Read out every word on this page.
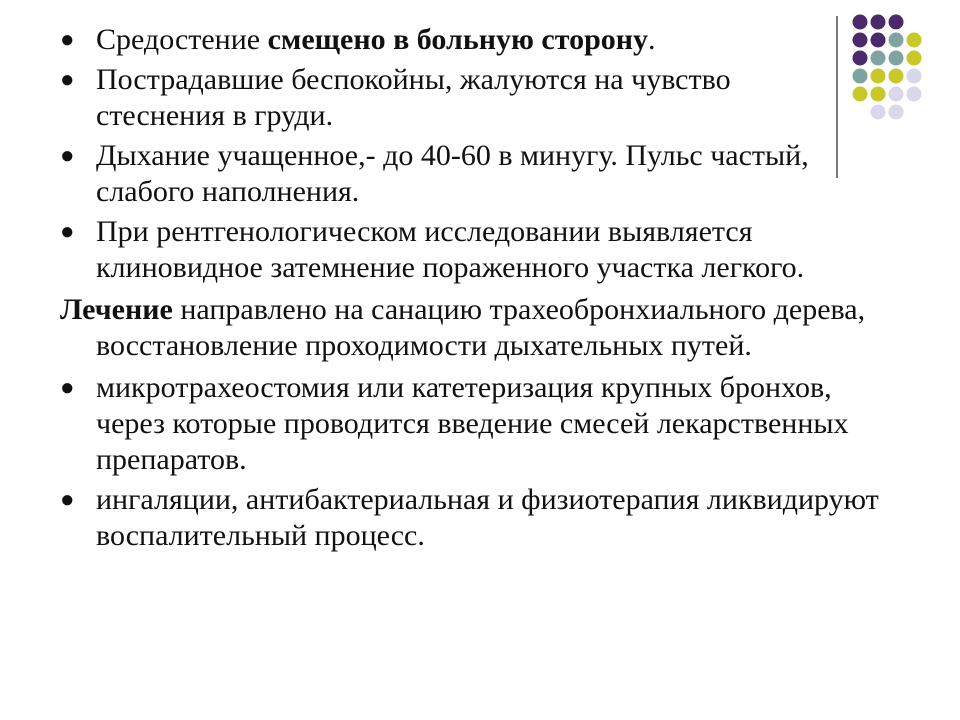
● Средостение смещено в больную сторону.
● Пострадавшие беспокойны, жалуются на чувство стеснения в груди.
● Дыхание учащенное,- до 40-60 в минугу. Пульс частый, слабого наполнения.
● При рентгенологическом исследовании выявляется клиновидное затемнение пораженного участка легкого.
Лечение направлено на санацию трахеобронхиального дерева, восстановление проходимости дыхательных путей.
● микротрахеостомия или катетеризация крупных бронхов, через которые проводится введение смесей лекарственных препаратов.
● ингаляции, антибактериальная и физиотерапия ликвидируют воспалительный процесс.
